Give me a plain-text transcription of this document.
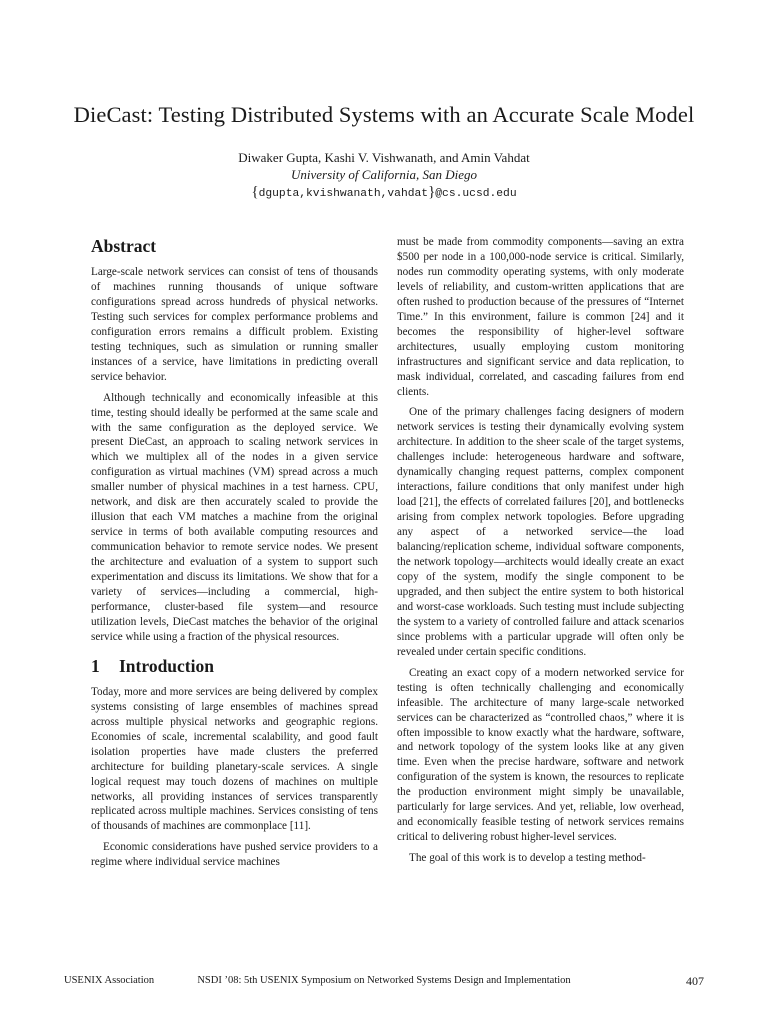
DieCast: Testing Distributed Systems with an Accurate Scale Model
Diwaker Gupta, Kashi V. Vishwanath, and Amin Vahdat
University of California, San Diego
{dgupta,kvishwanath,vahdat}@cs.ucsd.edu
Abstract

Large-scale network services can consist of tens of thousands of machines running thousands of unique software configurations spread across hundreds of physical networks. Testing such services for complex performance problems and configuration errors remains a difficult problem. Existing testing techniques, such as simulation or running smaller instances of a service, have limitations in predicting overall service behavior.

Although technically and economically infeasible at this time, testing should ideally be performed at the same scale and with the same configuration as the deployed service. We present DieCast, an approach to scaling network services in which we multiplex all of the nodes in a given service configuration as virtual machines (VM) spread across a much smaller number of physical machines in a test harness. CPU, network, and disk are then accurately scaled to provide the illusion that each VM matches a machine from the original service in terms of both available computing resources and communication behavior to remote service nodes. We present the architecture and evaluation of a system to support such experimentation and discuss its limitations. We show that for a variety of services—including a commercial, high-performance, cluster-based file system—and resource utilization levels, DieCast matches the behavior of the original service while using a fraction of the physical resources.

1 Introduction

Today, more and more services are being delivered by complex systems consisting of large ensembles of machines spread across multiple physical networks and geographic regions. Economies of scale, incremental scalability, and good fault isolation properties have made clusters the preferred architecture for building planetary-scale services. A single logical request may touch dozens of machines on multiple networks, all providing instances of services transparently replicated across multiple machines. Services consisting of tens of thousands of machines are commonplace [11].

Economic considerations have pushed service providers to a regime where individual service machines

must be made from commodity components—saving an extra $500 per node in a 100,000-node service is critical. Similarly, nodes run commodity operating systems, with only moderate levels of reliability, and custom-written applications that are often rushed to production because of the pressures of “Internet Time.” In this environment, failure is common [24] and it becomes the responsibility of higher-level software architectures, usually employing custom monitoring infrastructures and significant service and data replication, to mask individual, correlated, and cascading failures from end clients.

One of the primary challenges facing designers of modern network services is testing their dynamically evolving system architecture. In addition to the sheer scale of the target systems, challenges include: heterogeneous hardware and software, dynamically changing request patterns, complex component interactions, failure conditions that only manifest under high load [21], the effects of correlated failures [20], and bottlenecks arising from complex network topologies. Before upgrading any aspect of a networked service—the load balancing/replication scheme, individual software components, the network topology—architects would ideally create an exact copy of the system, modify the single component to be upgraded, and then subject the entire system to both historical and worst-case workloads. Such testing must include subjecting the system to a variety of controlled failure and attack scenarios since problems with a particular upgrade will often only be revealed under certain specific conditions.

Creating an exact copy of a modern networked service for testing is often technically challenging and economically infeasible. The architecture of many large-scale networked services can be characterized as “controlled chaos,” where it is often impossible to know exactly what the hardware, software, and network topology of the system looks like at any given time. Even when the precise hardware, software and network configuration of the system is known, the resources to replicate the production environment might simply be unavailable, particularly for large services. And yet, reliable, low overhead, and economically feasible testing of network services remains critical to delivering robust higher-level services.

The goal of this work is to develop a testing method-

NSDI ’08: 5th USENIX Symposium on Networked Systems Design and Implementation
USENIX Association	407
